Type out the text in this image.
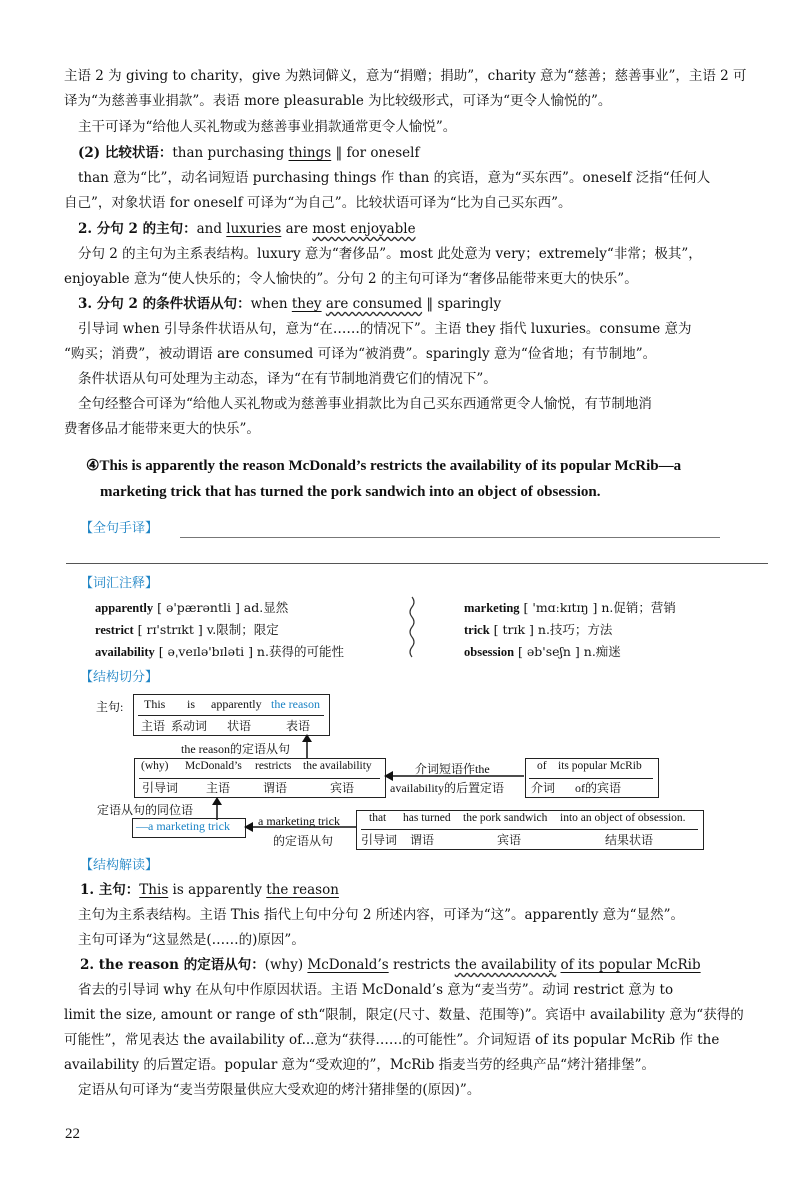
主语 2 为 giving to charity，give 为熟词僻义，意为“捐赠；捐助”，charity 意为“慈善；慈善事业”，主语 2 可
译为“为慈善事业捐款”。表语 more pleasurable 为比较级形式，可译为“更令人愉悦的”。
主干可译为“给他人买礼物或为慈善事业捐款通常更令人愉悦”。
(2) 比较状语：than purchasing things ‖ for oneself
than 意为“比”，动名词短语 purchasing things 作 than 的宾语，意为“买东西”。oneself 泛指“任何人
自己”，对象状语 for oneself 可译为“为自己”。比较状语可译为“比为自己买东西”。
2. 分句 2 的主句：and luxuries are most enjoyable
分句 2 的主句为主系表结构。luxury 意为“奢侈品”。most 此处意为 very；extremely“非常；极其”，
enjoyable 意为“使人快乐的；令人愉快的”。分句 2 的主句可译为“奢侈品能带来更大的快乐”。
3. 分句 2 的条件状语从句：when they are consumed ‖ sparingly
引导词 when 引导条件状语从句，意为“在……的情况下”。主语 they 指代 luxuries。consume 意为
“购买；消费”，被动谓语 are consumed 可译为“被消费”。sparingly 意为“俭省地；有节制地”。
条件状语从句可处理为主动态，译为“在有节制地消费它们的情况下”。
全句经整合可译为“给他人买礼物或为慈善事业捐款比为自己买东西通常更令人愉悦，有节制地消
费奢侈品才能带来更大的快乐”。
④This is apparently the reason McDonald’s restricts the availability of its popular McRib—a
marketing trick that has turned the pork sandwich into an object of obsession.
【全句手译】
【词汇注释】
apparently [ ə'pærəntli ] ad.显然
restrict [ rɪ'strɪkt ] v.限制；限定
availability [ əˌveɪlə'bɪləti ] n.获得的可能性
marketing [ 'mɑːkɪtɪŋ ] n.促销；营销
trick [ trɪk ] n.技巧；方法
obsession [ əb'seʃn ] n.痴迷
【结构切分】
主句: This is apparently the reason
主语 系动词 状语	表语
the reason的定语从句
(why) McDonald’s restricts the availability
引导词 主语	谓语	宾语
介词短语作the
availability的后置定语
of its popular McRib
介词 of的宾语
定语从句的同位语
—a marketing trick a marketing trick
的定语从句
that has turned the pork sandwich into an object of obsession.
引导词 谓语	宾语	结果状语
【结构解读】
1. 主句：This is apparently the reason
主句为主系表结构。主语 This 指代上句中分句 2 所述内容，可译为“这”。apparently 意为“显然”。
主句可译为“这显然是(……的)原因”。
2. the reason 的定语从句：(why) McDonald’s restricts the availability of its popular McRib
省去的引导词 why 在从句中作原因状语。主语 McDonald’s 意为“麦当劳”。动词 restrict 意为 to
limit the size, amount or range of sth“限制，限定(尺寸、数量、范围等)”。宾语中 availability 意为“获得的
可能性”，常见表达 the availability of...意为“获得……的可能性”。介词短语 of its popular McRib 作 the
availability 的后置定语。popular 意为“受欢迎的”，McRib 指麦当劳的经典产品“烤汁猪排堡”。
定语从句可译为“麦当劳限量供应大受欢迎的烤汁猪排堡的(原因)”。
22
